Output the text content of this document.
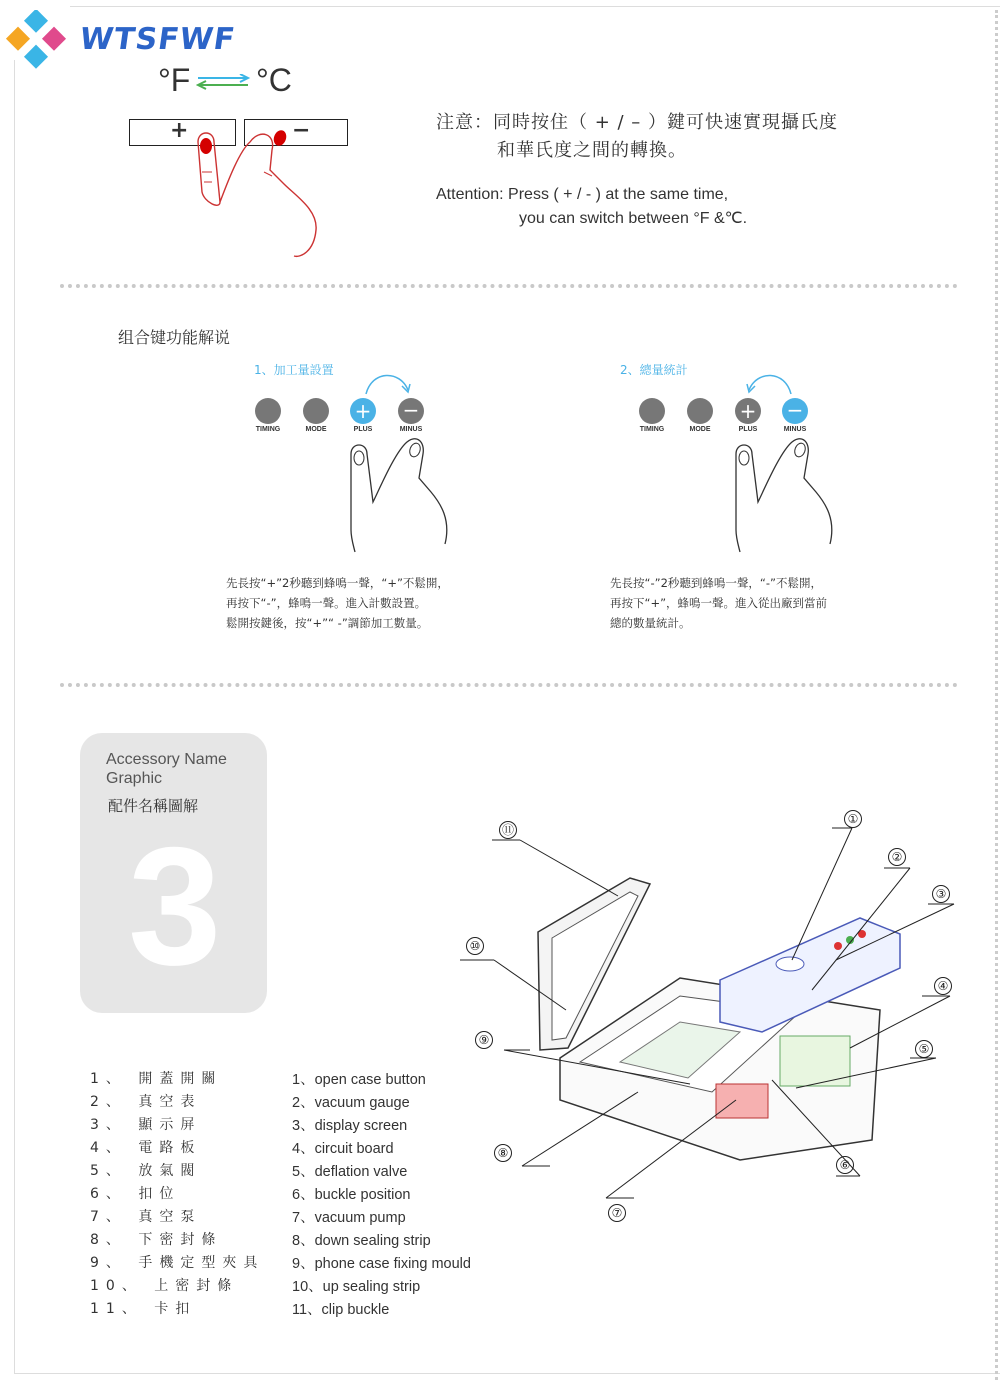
WTSFWF
°F °C
+	−	注意：同時按住（ + / – ）鍵可快速實現攝氏度
和華氏度之間的轉換。
Attention: Press ( + / - ) at the same time,
you can switch between °F &℃.
组合键功能解说
1、加工量設置
+ −
TIMING	MODE	PLUS	MINUS
先長按“+”2秒聽到蜂鳴一聲，“+”不鬆開，
再按下“-”，蜂鳴一聲。進入計數設置。
鬆開按鍵後，按“+”“ -”調節加工數量。
2、總量統計
+ −
TIMING	MODE	PLUS	MINUS
先長按“-”2秒聽到蜂鳴一聲，“-”不鬆開，
再按下“+”，蜂鳴一聲。進入從出廠到當前
總的數量統計。
Accessory Name
Graphic
配件名稱圖解
3
1、 開蓋開關
2、 真空表
3、 顯示屏
4、 電路板
5、 放氣閥
6、 扣位
7、 真空泵
8、 下密封條
9、 手機定型夾具
10、 上密封條
11、 卡扣
1、open case button
2、vacuum gauge
3、display screen
4、circuit board
5、deflation valve
6、buckle position
7、vacuum pump
8、down sealing strip
9、phone case fixing mould
10、up sealing strip
11、clip buckle
①
②
③
④
⑤
⑥
⑦
⑧
⑨
⑩
⑪
